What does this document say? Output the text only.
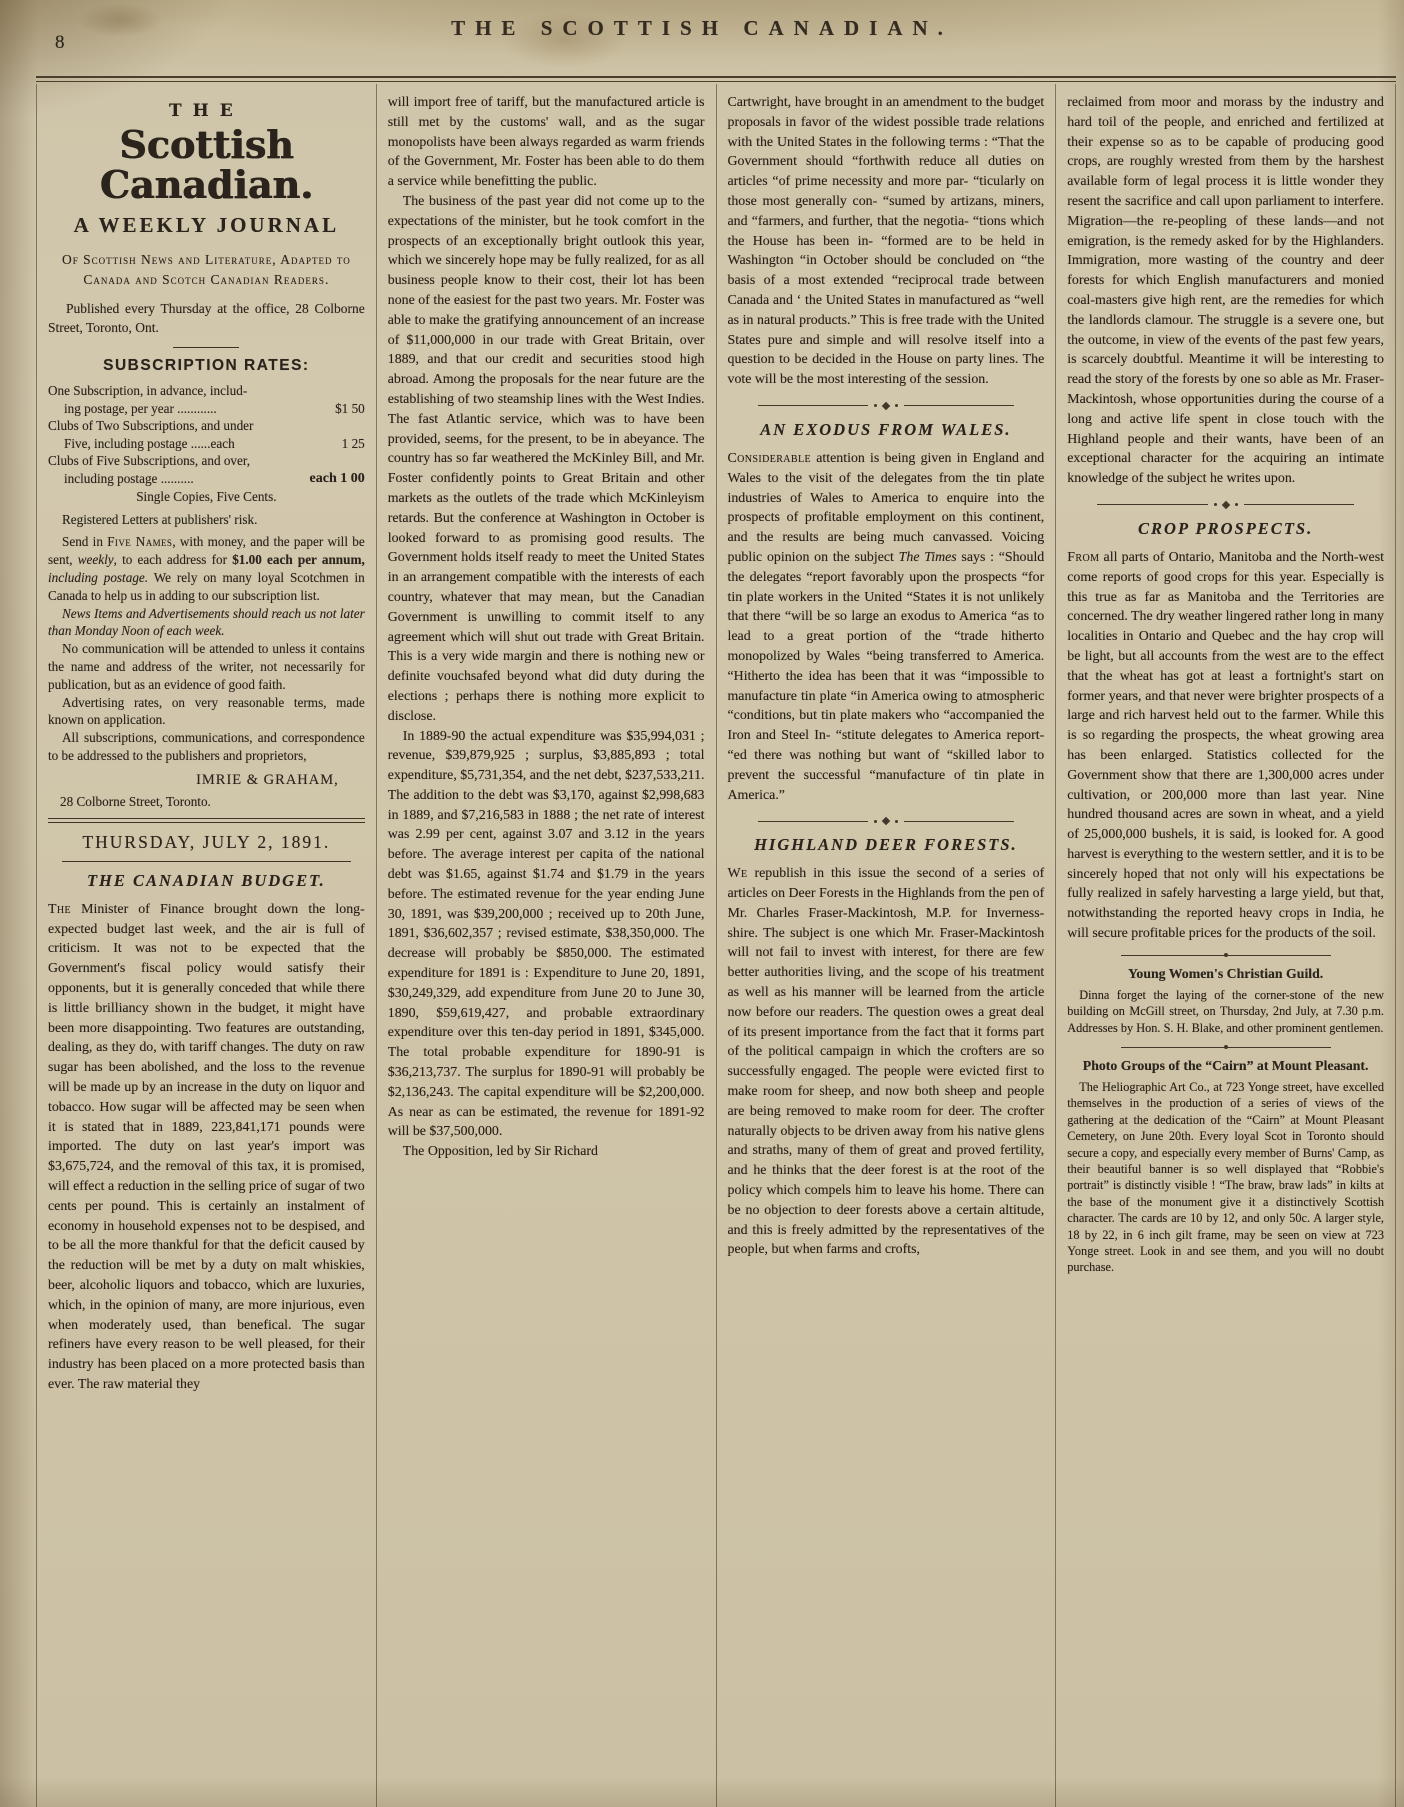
8
THE SCOTTISH CANADIAN.
THE
Scottish Canadian.
A WEEKLY JOURNAL
Of Scottish News and Literature, Adapted to Canada and Scotch Canadian Readers.

Published every Thursday at the office, 28 Colborne Street, Toronto, Ont.

SUBSCRIPTION RATES:
One Subscription, in advance, includ-
ing postage, per year ............	$1 50
Clubs of Two Subscriptions, and under
Five, including postage ......each	1 25
Clubs of Five Subscriptions, and over,
including postage ..........	each 1 00
Single Copies, Five Cents.

Registered Letters at publishers' risk.

Send in Five Names, with money, and the paper will be sent, weekly, to each address for $1.00 each per annum, including postage. We rely on many loyal Scotchmen in Canada to help us in adding to our subscription list.

News Items and Advertisements should reach us not later than Monday Noon of each week.

No communication will be attended to unless it contains the name and address of the writer, not necessarily for publication, but as an evidence of good faith.

Advertising rates, on very reasonable terms, made known on application.

All subscriptions, communications, and correspondence to be addressed to the publishers and proprietors,

IMRIE & GRAHAM,
28 Colborne Street, Toronto.
THURSDAY, JULY 2, 1891.
THE CANADIAN BUDGET.

The Minister of Finance brought down the long-expected budget last week, and the air is full of criticism. It was not to be expected that the Government's fiscal policy would satisfy their opponents, but it is generally conceded that while there is little brilliancy shown in the budget, it might have been more disappointing. Two features are outstanding, dealing, as they do, with tariff changes. The duty on raw sugar has been abolished, and the loss to the revenue will be made up by an increase in the duty on liquor and tobacco. How sugar will be affected may be seen when it is stated that in 1889, 223,841,171 pounds were imported. The duty on last year's import was $3,675,724, and the removal of this tax, it is promised, will effect a reduction in the selling price of sugar of two cents per pound. This is certainly an instalment of economy in household expenses not to be despised, and to be all the more thankful for that the deficit caused by the reduction will be met by a duty on malt whiskies, beer, alcoholic liquors and tobacco, which are luxuries, which, in the opinion of many, are more injurious, even when moderately used, than benefical. The sugar refiners have every reason to be well pleased, for their industry has been placed on a more protected basis than ever. The raw material they

will import free of tariff, but the manufactured article is still met by the customs' wall, and as the sugar monopolists have been always regarded as warm friends of the Government, Mr. Foster has been able to do them a service while benefitting the public.

The business of the past year did not come up to the expectations of the minister, but he took comfort in the prospects of an exceptionally bright outlook this year, which we sincerely hope may be fully realized, for as all business people know to their cost, their lot has been none of the easiest for the past two years. Mr. Foster was able to make the gratifying announcement of an increase of $11,000,000 in our trade with Great Britain, over 1889, and that our credit and securities stood high abroad. Among the proposals for the near future are the establishing of two steamship lines with the West Indies. The fast Atlantic service, which was to have been provided, seems, for the present, to be in abeyance. The country has so far weathered the McKinley Bill, and Mr. Foster confidently points to Great Britain and other markets as the outlets of the trade which McKinleyism retards. But the conference at Washington in October is looked forward to as promising good results. The Government holds itself ready to meet the United States in an arrangement compatible with the interests of each country, whatever that may mean, but the Canadian Government is unwilling to commit itself to any agreement which will shut out trade with Great Britain. This is a very wide margin and there is nothing new or definite vouchsafed beyond what did duty during the elections ; perhaps there is nothing more explicit to disclose.

In 1889-90 the actual expenditure was $35,994,031 ; revenue, $39,879,925 ; surplus, $3,885,893 ; total expenditure, $5,731,354, and the net debt, $237,533,211. The addition to the debt was $3,170, against $2,998,683 in 1889, and $7,216,583 in 1888 ; the net rate of interest was 2.99 per cent, against 3.07 and 3.12 in the years before. The average interest per capita of the national debt was $1.65, against $1.74 and $1.79 in the years before. The estimated revenue for the year ending June 30, 1891, was $39,200,000 ; received up to 20th June, 1891, $36,602,357 ; revised estimate, $38,350,000. The decrease will probably be $850,000. The estimated expenditure for 1891 is : Expenditure to June 20, 1891, $30,249,329, add expenditure from June 20 to June 30, 1890, $59,619,427, and probable extraordinary expenditure over this ten-day period in 1891, $345,000. The total probable expenditure for 1890-91 is $36,213,737. The surplus for 1890-91 will probably be $2,136,243. The capital expenditure will be $2,200,000. As near as can be estimated, the revenue for 1891-92 will be $37,500,000.

The Opposition, led by Sir Richard

Cartwright, have brought in an amendment to the budget proposals in favor of the widest possible trade relations with the United States in the following terms : “That the Government should “forthwith reduce all duties on articles “of prime necessity and more par- “ticularly on those most generally con- “sumed by artizans, miners, and “farmers, and further, that the negotia- “tions which the House has been in- “formed are to be held in Washington “in October should be concluded on “the basis of a most extended “reciprocal trade between Canada and ‘ the United States in manufactured as “well as in natural products.” This is free trade with the United States pure and simple and will resolve itself into a question to be decided in the House on party lines. The vote will be the most interesting of the session.

AN EXODUS FROM WALES.

Considerable attention is being given in England and Wales to the visit of the delegates from the tin plate industries of Wales to America to enquire into the prospects of profitable employment on this continent, and the results are being much canvassed. Voicing public opinion on the subject The Times says : “Should the delegates “report favorably upon the prospects “for tin plate workers in the United “States it is not unlikely that there “will be so large an exodus to America “as to lead to a great portion of the “trade hitherto monopolized by Wales “being transferred to America. “Hitherto the idea has been that it was “impossible to manufacture tin plate “in America owing to atmospheric “conditions, but tin plate makers who “accompanied the Iron and Steel In- “stitute delegates to America report- “ed there was nothing but want of “skilled labor to prevent the successful “manufacture of tin plate in America.”

HIGHLAND DEER FORESTS.

We republish in this issue the second of a series of articles on Deer Forests in the Highlands from the pen of Mr. Charles Fraser-Mackintosh, M.P. for Inverness-shire. The subject is one which Mr. Fraser-Mackintosh will not fail to invest with interest, for there are few better authorities living, and the scope of his treatment as well as his manner will be learned from the article now before our readers. The question owes a great deal of its present importance from the fact that it forms part of the political campaign in which the crofters are so successfully engaged. The people were evicted first to make room for sheep, and now both sheep and people are being removed to make room for deer. The crofter naturally objects to be driven away from his native glens and straths, many of them of great and proved fertility, and he thinks that the deer forest is at the root of the policy which compels him to leave his home. There can be no objection to deer forests above a certain altitude, and this is freely admitted by the representatives of the people, but when farms and crofts,

reclaimed from moor and morass by the industry and hard toil of the people, and enriched and fertilized at their expense so as to be capable of producing good crops, are roughly wrested from them by the harshest available form of legal process it is little wonder they resent the sacrifice and call upon parliament to interfere. Migration—the re-peopling of these lands—and not emigration, is the remedy asked for by the Highlanders. Immigration, more wasting of the country and deer forests for which English manufacturers and monied coal-masters give high rent, are the remedies for which the landlords clamour. The struggle is a severe one, but the outcome, in view of the events of the past few years, is scarcely doubtful. Meantime it will be interesting to read the story of the forests by one so able as Mr. Fraser-Mackintosh, whose opportunities during the course of a long and active life spent in close touch with the Highland people and their wants, have been of an exceptional character for the acquiring an intimate knowledge of the subject he writes upon.

CROP PROSPECTS.

From all parts of Ontario, Manitoba and the North-west come reports of good crops for this year. Especially is this true as far as Manitoba and the Territories are concerned. The dry weather lingered rather long in many localities in Ontario and Quebec and the hay crop will be light, but all accounts from the west are to the effect that the wheat has got at least a fortnight's start on former years, and that never were brighter prospects of a large and rich harvest held out to the farmer. While this is so regarding the prospects, the wheat growing area has been enlarged. Statistics collected for the Government show that there are 1,300,000 acres under cultivation, or 200,000 more than last year. Nine hundred thousand acres are sown in wheat, and a yield of 25,000,000 bushels, it is said, is looked for. A good harvest is everything to the western settler, and it is to be sincerely hoped that not only will his expectations be fully realized in safely harvesting a large yield, but that, notwithstanding the reported heavy crops in India, he will secure profitable prices for the products of the soil.

Young Women's Christian Guild.

Dinna forget the laying of the corner-stone of the new building on McGill street, on Thursday, 2nd July, at 7.30 p.m. Addresses by Hon. S. H. Blake, and other prominent gentlemen.

Photo Groups of the “Cairn” at Mount Pleasant.

The Heliographic Art Co., at 723 Yonge street, have excelled themselves in the production of a series of views of the gathering at the dedication of the “Cairn” at Mount Pleasant Cemetery, on June 20th. Every loyal Scot in Toronto should secure a copy, and especially every member of Burns' Camp, as their beautiful banner is so well displayed that “Robbie's portrait” is distinctly visible ! “The braw, braw lads” in kilts at the base of the monument give it a distinctively Scottish character. The cards are 10 by 12, and only 50c. A larger style, 18 by 22, in 6 inch gilt frame, may be seen on view at 723 Yonge street. Look in and see them, and you will no doubt purchase.
